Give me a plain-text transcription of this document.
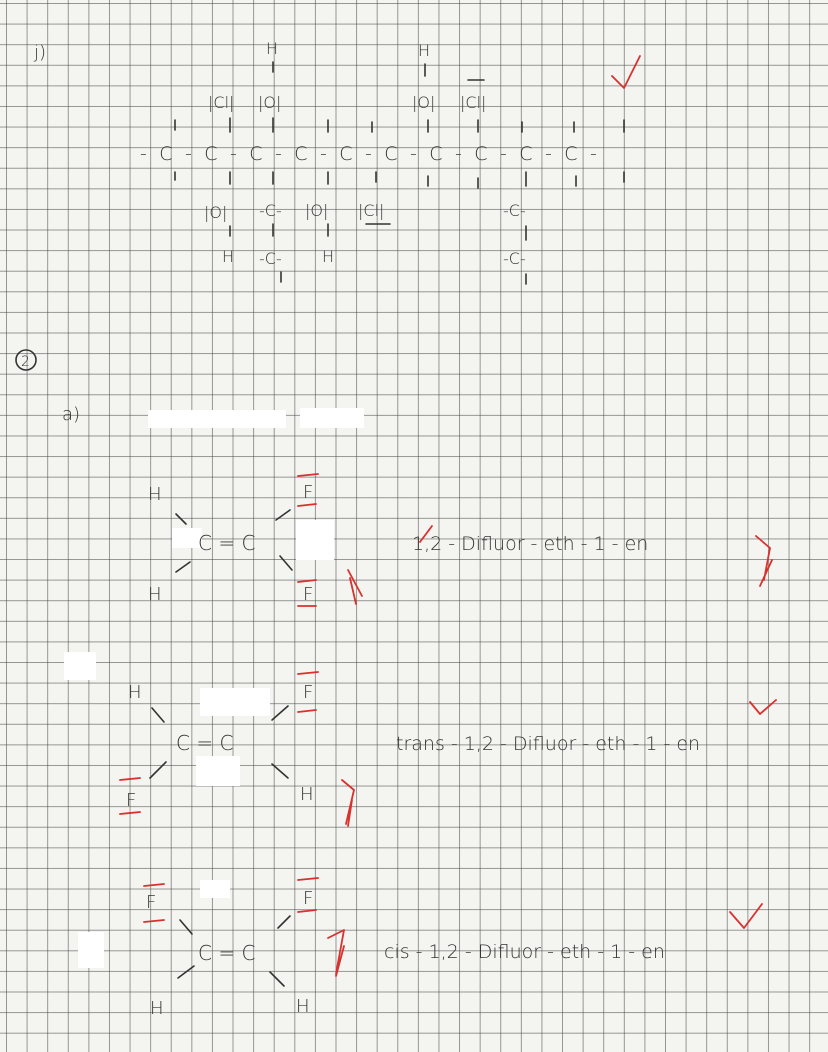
j)
- C - C - C - C - C - C - C - C - C - C -
H
|O|
|Cl|
H
|O| |Cl|
|O|
H
-C-
-C-
|O|
H
|Cl|	-C-
-C-
2
a)
H
H
F
F
C = C	1,2 - Difluor - eth - 1 - en
H
F
F
H
C = C	trans - 1,2 - Difluor - eth - 1 - en
F
H
F
H
C = C	cis - 1,2 - Difluor - eth - 1 - en
